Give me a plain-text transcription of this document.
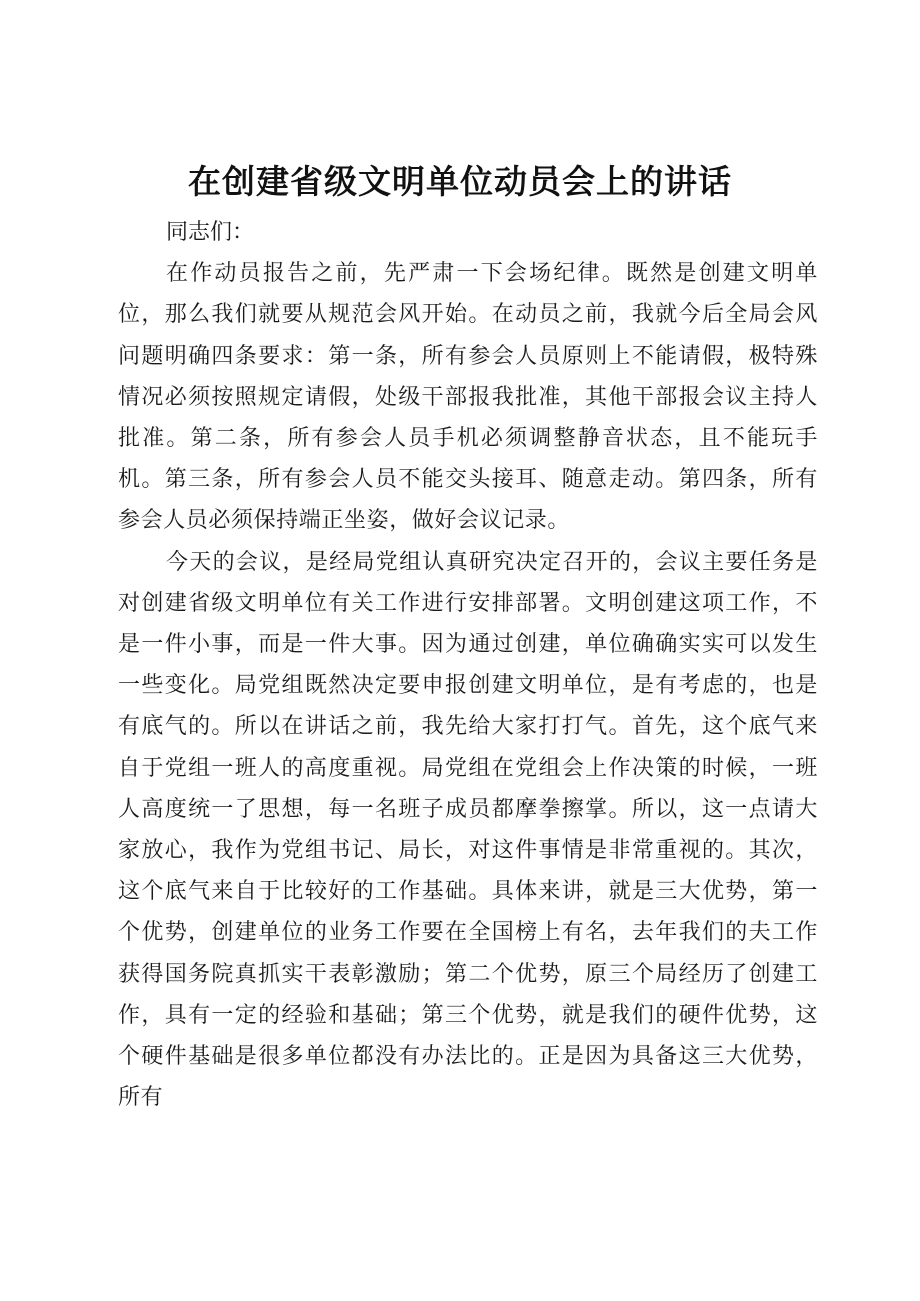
在创建省级文明单位动员会上的讲话

同志们：

在作动员报告之前，先严肃一下会场纪律。既然是创建文明单位，那么我们就要从规范会风开始。在动员之前，我就今后全局会风问题明确四条要求：第一条，所有参会人员原则上不能请假，极特殊情况必须按照规定请假，处级干部报我批准，其他干部报会议主持人批准。第二条，所有参会人员手机必须调整静音状态，且不能玩手机。第三条，所有参会人员不能交头接耳、随意走动。第四条，所有参会人员必须保持端正坐姿，做好会议记录。

今天的会议，是经局党组认真研究决定召开的，会议主要任务是对创建省级文明单位有关工作进行安排部署。文明创建这项工作，不是一件小事，而是一件大事。因为通过创建，单位确确实实可以发生一些变化。局党组既然决定要申报创建文明单位，是有考虑的，也是有底气的。所以在讲话之前，我先给大家打打气。首先，这个底气来自于党组一班人的高度重视。局党组在党组会上作决策的时候，一班人高度统一了思想，每一名班子成员都摩拳擦掌。所以，这一点请大家放心，我作为党组书记、局长，对这件事情是非常重视的。其次，这个底气来自于比较好的工作基础。具体来讲，就是三大优势，第一个优势，创建单位的业务工作要在全国榜上有名，去年我们的夫工作获得国务院真抓实干表彰激励；第二个优势，原三个局经历了创建工作，具有一定的经验和基础；第三个优势，就是我们的硬件优势，这个硬件基础是很多单位都没有办法比的。正是因为具备这三大优势，所有
